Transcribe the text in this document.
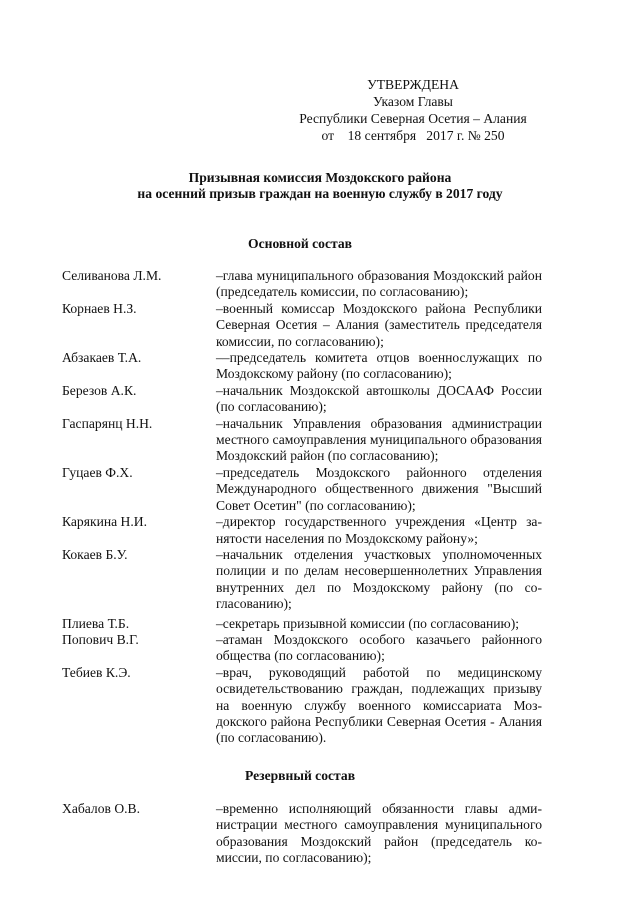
УТВЕРЖДЕНА
Указом Главы
Республики Северная Осетия – Алания
от    18 сентября   2017 г. № 250
Призывная комиссия Моздокского района
на осенний призыв граждан на военную службу в 2017 году
Основной состав
Селиванова Л.М.	–глава муниципального образования Моздокский район (председатель комиссии, по согласованию);
Корнаев Н.З.	–военный комиссар Моздокского района Республики Северная Осетия – Алания (заместитель председателя комиссии, по согласованию);
Абзакаев Т.А.	––председатель комитета отцов военнослужащих по Моздокскому району (по согласованию);
Березов А.К.	–начальник Моздокской автошколы ДОСААФ России (по согласованию);
Гаспарянц Н.Н.	–начальник Управления образования администрации местного самоуправления муниципального образования Моздокский район (по согласованию);
Гуцаев Ф.Х.	–председатель Моздокского районного отделения Международного общественного движения "Высший Совет Осетин" (по согласованию);
Карякина Н.И.	–директор государственного учреждения «Центр занятости населения по Моздокскому району»;
Кокаев Б.У.	–начальник отделения участковых уполномоченных полиции и по делам несовершеннолетних Управления внутренних дел по Моздокскому району (по согласованию);
Плиева Т.Б.	–секретарь призывной комиссии (по согласованию);
Попович В.Г.	–атаман Моздокского особого казачьего районного общества (по согласованию);
Тебиев К.Э.	–врач, руководящий работой по медицинскому освидетельствованию граждан, подлежащих призыву на военную службу военного комиссариата Моздокского района Республики Северная Осетия - Алания (по согласованию).
Резервный состав
Хабалов О.В.	–временно исполняющий обязанности главы администрации местного самоуправления муниципального образования Моздокский район (председатель комиссии, по согласованию);
